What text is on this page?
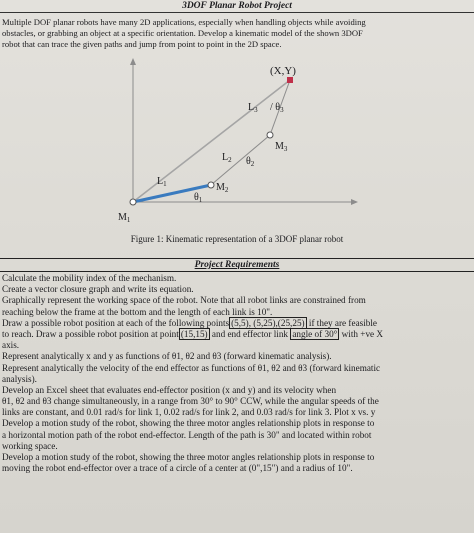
3DOF Planar Robot Project
Multiple DOF planar robots have many 2D applications, especially when handling objects while avoiding
obstacles, or grabbing an object at a specific orientation. Develop a kinematic model of the shown 3DOF
robot that can trace the given paths and jump from point to point in the 2D space.
(X,Y)
$L_3 / \theta_3$
$M_3$
$L_2$ $\theta_2$
$L_1$	$M_2$
$\theta_1$
$M_1$
Figure 1: Kinematic representation of a 3DOF planar robot
Project Requirements
Calculate the mobility index of the mechanism.
Create a vector closure graph and write its equation.
Graphically represent the working space of the robot. Note that all robot links are constrained from
reaching below the frame at the bottom and the length of each link is 10".
Draw a possible robot position at each of the following points (5,5), (5,25),(25,25) if they are feasible
to reach. Draw a possible robot position at point (15,15) and end effector link angle of 30° with +ve X
axis.
Represent analytically x and y as functions of θ1, θ2 and θ3 (forward kinematic analysis).
Represent analytically the velocity of the end effector as functions of θ1, θ2 and θ3 (forward kinematic
analysis).
Develop an Excel sheet that evaluates end-effector position (x and y) and its velocity when
θ1, θ2 and θ3 change simultaneously, in a range from 30° to 90° CCW, while the angular speeds of the
links are constant, and 0.01 rad/s for link 1, 0.02 rad/s for link 2, and 0.03 rad/s for link 3. Plot x vs. y
Develop a motion study of the robot, showing the three motor angles relationship plots in response to
a horizontal motion path of the robot end-effector. Length of the path is 30" and located within robot
working space.
Develop a motion study of the robot, showing the three motor angles relationship plots in response to
moving the robot end-effector over a trace of a circle of a center at (0",15") and a radius of 10".
